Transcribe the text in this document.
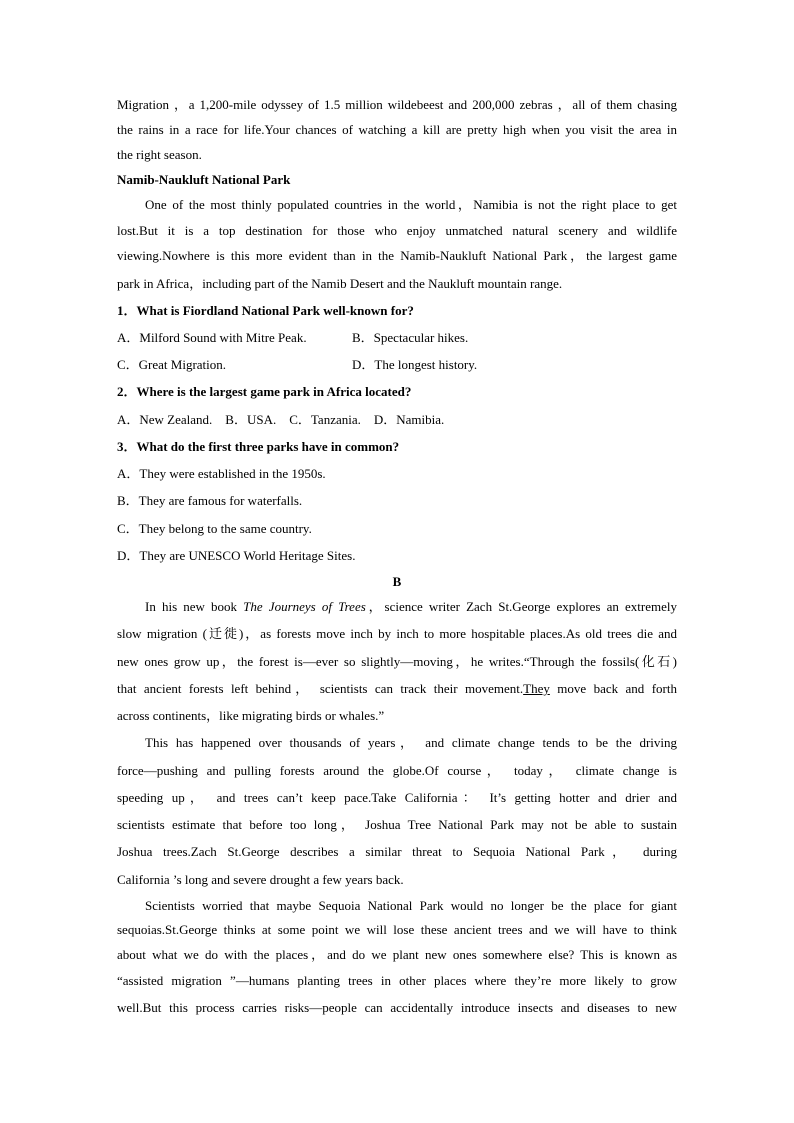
Migration ，a 1,200-mile odyssey of 1.5 million wildebeest and 200,000 zebras ，all of them chasing
the rains in a race for life.Your chances of watching a kill are pretty high when you visit the area in
the right season.
Namib-Naukluft National Park
One of the most thinly populated countries in the world，Namibia is not the right place to get
lost.But it is a top destination for those who enjoy unmatched natural scenery and wildlife
viewing.Nowhere is this more evident than in the Namib-Naukluft National Park，the largest game
park in Africa，including part of the Namib Desert and the Naukluft mountain range.
1．What is Fiordland National Park well-known for?
A．Milford Sound with Mitre Peak.	B．Spectacular hikes.
C．Great Migration.	D．The longest history.
2．Where is the largest game park in Africa located?
A．New Zealand.    B．USA.    C．Tanzania.    D．Namibia.
3．What do the first three parks have in common?
A．They were established in the 1950s.
B．They are famous for waterfalls.
C．They belong to the same country.
D．They are UNESCO World Heritage Sites.
B
In his new book The Journeys of Trees，science writer Zach St.George explores an extremely
slow migration (迁徙)，as forests move inch by inch to more hospitable places.As old trees die and
new ones grow up，the forest is—ever so slightly—moving，he writes.“Through the fossils(化石)
that ancient forests left behind， scientists can track their movement.They move back and forth
across continents，like migrating birds or whales.”
This has happened over thousands of years， and climate change tends to be the driving
force—pushing and pulling forests around the globe.Of course， today， climate change is
speeding up， and trees can’t keep pace.Take California： It’s getting hotter and drier and
scientists estimate that before too long， Joshua Tree National Park may not be able to sustain
Joshua trees.Zach St.George describes a similar threat to Sequoia National Park， during
California ’s long and severe drought a few years back.
Scientists worried that maybe Sequoia National Park would no longer be the place for giant
sequoias.St.George thinks at some point we will lose these ancient trees and we will have to think
about what we do with the places，and do we plant new ones somewhere else? This is known as
“assisted migration ”—humans planting trees in other places where they’re more likely to grow
well.But this process carries risks—people can accidentally introduce insects and diseases to new
